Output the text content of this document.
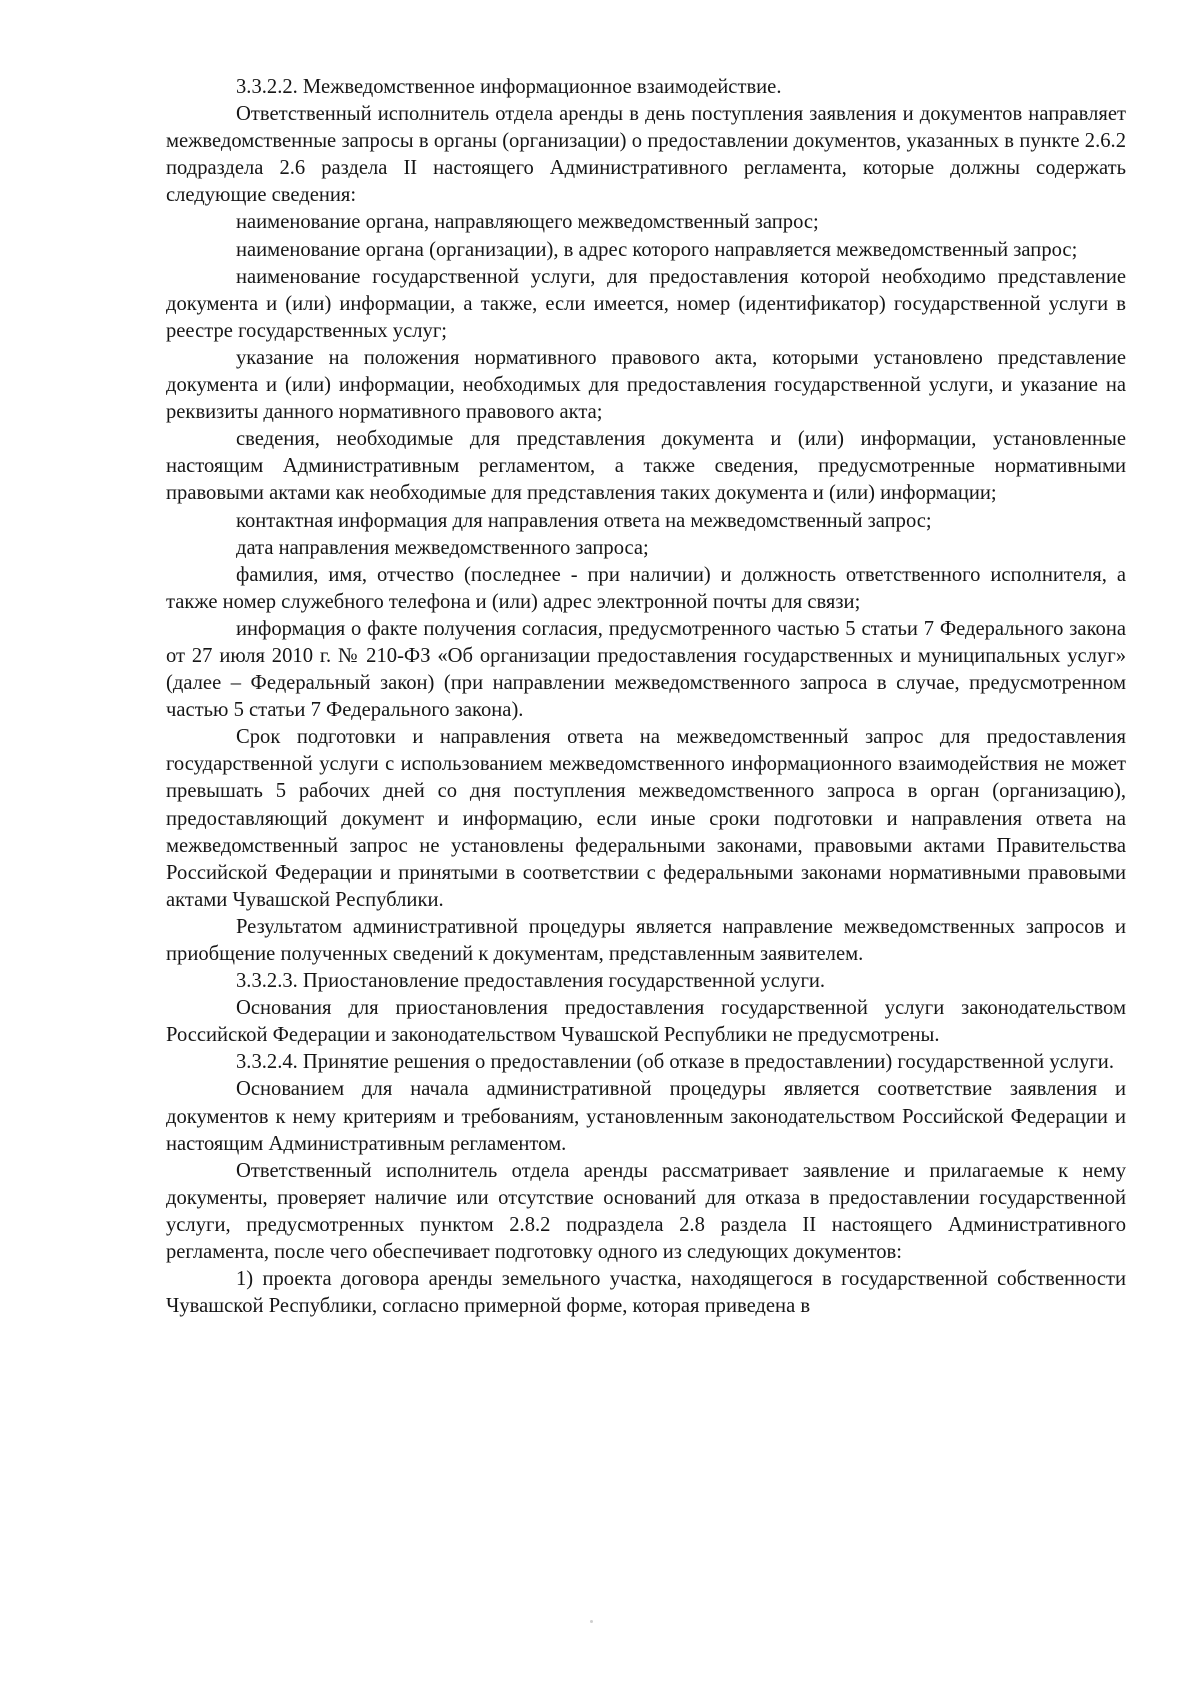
3.3.2.2. Межведомственное информационное взаимодействие.

Ответственный исполнитель отдела аренды в день поступления заявления и документов направляет межведомственные запросы в органы (организации) о предоставлении документов, указанных в пункте 2.6.2 подраздела 2.6 раздела II настоящего Административного регламента, которые должны содержать следующие сведения:

наименование органа, направляющего межведомственный запрос;

наименование органа (организации), в адрес которого направляется межведомственный запрос;

наименование государственной услуги, для предоставления которой необходимо представление документа и (или) информации, а также, если имеется, номер (идентификатор) государственной услуги в реестре государственных услуг;

указание на положения нормативного правового акта, которыми установлено представление документа и (или) информации, необходимых для предоставления государственной услуги, и указание на реквизиты данного нормативного правового акта;

сведения, необходимые для представления документа и (или) информации, установленные настоящим Административным регламентом, а также сведения, предусмотренные нормативными правовыми актами как необходимые для представления таких документа и (или) информации;

контактная информация для направления ответа на межведомственный запрос;

дата направления межведомственного запроса;

фамилия, имя, отчество (последнее - при наличии) и должность ответственного исполнителя, а также номер служебного телефона и (или) адрес электронной почты для связи;

информация о факте получения согласия, предусмотренного частью 5 статьи 7 Федерального закона от 27 июля 2010 г. № 210-ФЗ «Об организации предоставления государственных и муниципальных услуг» (далее – Федеральный закон) (при направлении межведомственного запроса в случае, предусмотренном частью 5 статьи 7 Федерального закона).

Срок подготовки и направления ответа на межведомственный запрос для предоставления государственной услуги с использованием межведомственного информационного взаимодействия не может превышать 5 рабочих дней со дня поступления межведомственного запроса в орган (организацию), предоставляющий документ и информацию, если иные сроки подготовки и направления ответа на межведомственный запрос не установлены федеральными законами, правовыми актами Правительства Российской Федерации и принятыми в соответствии с федеральными законами нормативными правовыми актами Чувашской Республики.

Результатом административной процедуры является направление межведомственных запросов и приобщение полученных сведений к документам, представленным заявителем.

3.3.2.3. Приостановление предоставления государственной услуги.

Основания для приостановления предоставления государственной услуги законодательством Российской Федерации и законодательством Чувашской Республики не предусмотрены.

3.3.2.4. Принятие решения о предоставлении (об отказе в предоставлении) государственной услуги.

Основанием для начала административной процедуры является соответствие заявления и документов к нему критериям и требованиям, установленным законодательством Российской Федерации и настоящим Административным регламентом.

Ответственный исполнитель отдела аренды рассматривает заявление и прилагаемые к нему документы, проверяет наличие или отсутствие оснований для отказа в предоставлении государственной услуги, предусмотренных пунктом 2.8.2 подраздела 2.8 раздела II настоящего Административного регламента, после чего обеспечивает подготовку одного из следующих документов:

1) проекта договора аренды земельного участка, находящегося в государственной собственности Чувашской Республики, согласно примерной форме, которая приведена в
